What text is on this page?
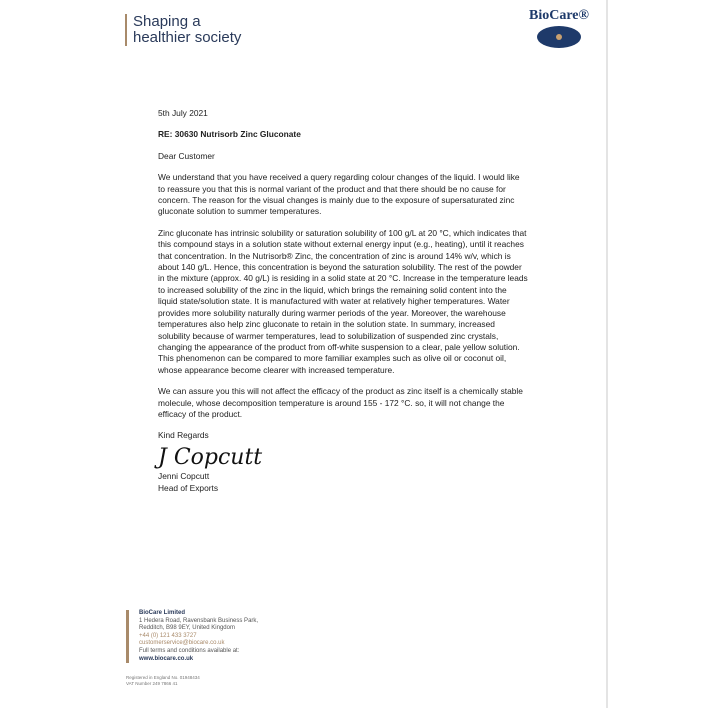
Shaping a
healthier society
BioCare®

5th July 2021

RE: 30630 Nutrisorb Zinc Gluconate

Dear Customer

We understand that you have received a query regarding colour changes of the liquid. I would like to reassure you that this is normal variant of the product and that there should be no cause for concern. The reason for the visual changes is mainly due to the exposure of supersaturated zinc gluconate solution to summer temperatures.

Zinc gluconate has intrinsic solubility or saturation solubility of 100 g/L at 20 °C, which indicates that this compound stays in a solution state without external energy input (e.g., heating), until it reaches that concentration. In the Nutrisorb® Zinc, the concentration of zinc is around 14% w/v, which is about 140 g/L. Hence, this concentration is beyond the saturation solubility. The rest of the powder in the mixture (approx. 40 g/L) is residing in a solid state at 20 °C. Increase in the temperature leads to increased solubility of the zinc in the liquid, which brings the remaining solid content into the liquid state/solution state. It is manufactured with water at relatively higher temperatures. Water provides more solubility naturally during warmer periods of the year. Moreover, the warehouse temperatures also help zinc gluconate to retain in the solution state. In summary, increased solubility because of warmer temperatures, lead to solubilization of suspended zinc crystals, changing the appearance of the product from off-white suspension to a clear, pale yellow solution. This phenomenon can be compared to more familiar examples such as olive oil or coconut oil, whose appearance become clearer with increased temperature.

We can assure you this will not affect the efficacy of the product as zinc itself is a chemically stable molecule, whose decomposition temperature is around 155 - 172 °C. so, it will not change the efficacy of the product.

Kind Regards

J Copcutt
Jenni Copcutt
Head of Exports
BioCare Limited
1 Hedera Road, Ravensbank Business Park,
Redditch, B98 9EY, United Kingdom
+44 (0) 121 433 3727
customerservice@biocare.co.uk
Full terms and conditions available at:
www.biocare.co.uk
Registered in England No. 01948434
VAT Number 249 7866 41
